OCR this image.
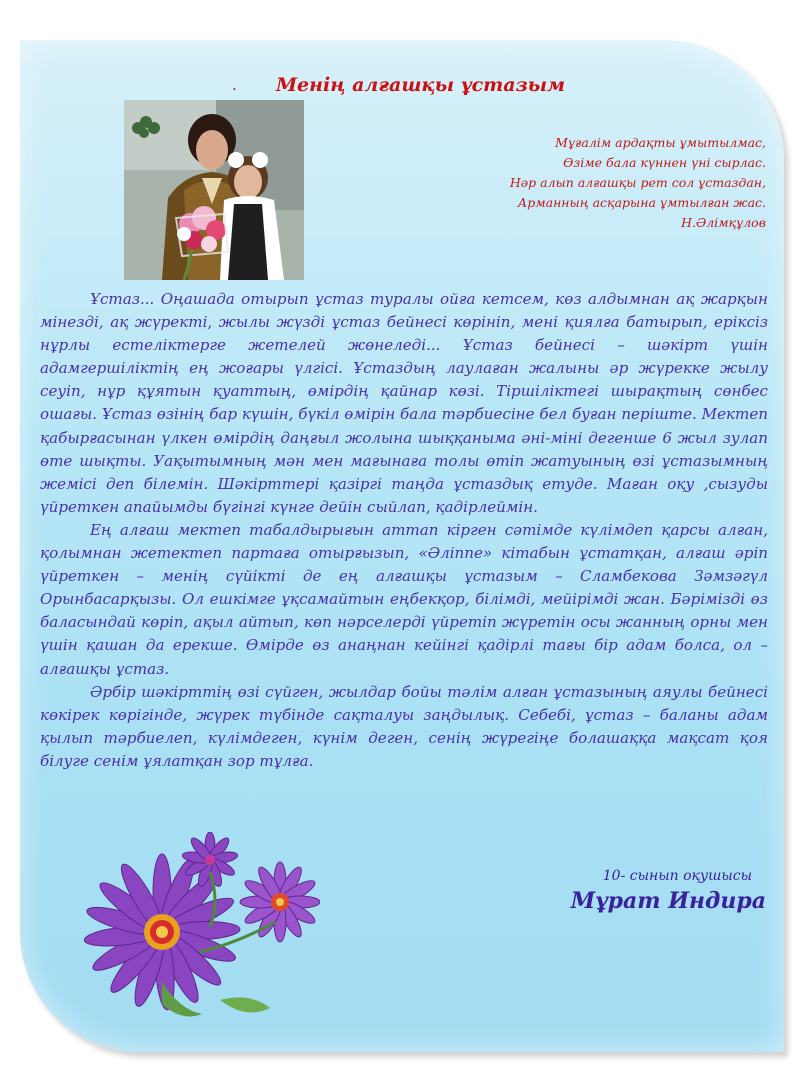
. Менің алғашқы ұстазым
Мұғалім ардақты ұмытылмас,
Өзіме бала күннен үні сырлас.
Нәр алып алғашқы рет сол ұстаздан,
Арманның асқарына ұмтылған жас.
Н.Әлімқұлов

Ұстаз... Оңашада отырып ұстаз туралы ойға кетсем, көз алдымнан ақ жарқын мінезді, ақ жүректі, жылы жүзді ұстаз бейнесі көрініп, мені қиялға батырып, еріксіз нұрлы естеліктерге жетелей жөнеледі... Ұстаз бейнесі – шәкірт үшін адамгершіліктің ең жоғары үлгісі. Ұстаздың лаулаған жалыны әр жүрекке жылу сеуіп, нұр құятын қуаттың, өмірдің қайнар көзі. Тіршіліктегі шырақтың сөнбес ошағы. Ұстаз өзінің бар күшін, бүкіл өмірін бала тәрбиесіне бел буған періште. Мектеп қабырғасынан үлкен өмірдің даңғыл жолына шыққаныма әні-міні дегенше 6 жыл зулап өте шықты. Уақытымның мән мен мағынаға толы өтіп жатуының өзі ұстазымның жемісі деп білемін. Шәкірттері қазіргі таңда ұстаздық етуде. Маған оқу ,сызуды үйреткен апайымды бүгінгі күнге дейін сыйлап, қадірлеймін.

Ең алғаш мектеп табалдырығын аттап кірген сәтімде күлімдеп қарсы алған, қолымнан жетектеп партаға отырғызып, «Әліппе» кітабын ұстатқан, алғаш әріп үйреткен – менің сүйікті де ең алғашқы ұстазым – Сламбекова Зәмзәгүл Орынбасарқызы. Ол ешкімге ұқсамайтын еңбекқор, білімді, мейірімді жан. Бәрімізді өз баласындай көріп, ақыл айтып, көп нәрселерді үйретіп жүретін осы жанның орны мен үшін қашан да ерекше. Өмірде өз анаңнан кейінгі қадірлі тағы бір адам болса, ол – алғашқы ұстаз.

Әрбір шәкірттің өзі сүйген, жылдар бойы тәлім алған ұстазының аяулы бейнесі көкірек көрігінде, жүрек түбінде сақталуы заңдылық. Себебі, ұстаз – баланы адам қылып тәрбиелеп, күлімдеген, күнім деген, сенің жүрегіңе болашаққа мақсат қоя білуге сенім ұялатқан зор тұлға.

10- сынып оқушысы
Мұрат Индира
